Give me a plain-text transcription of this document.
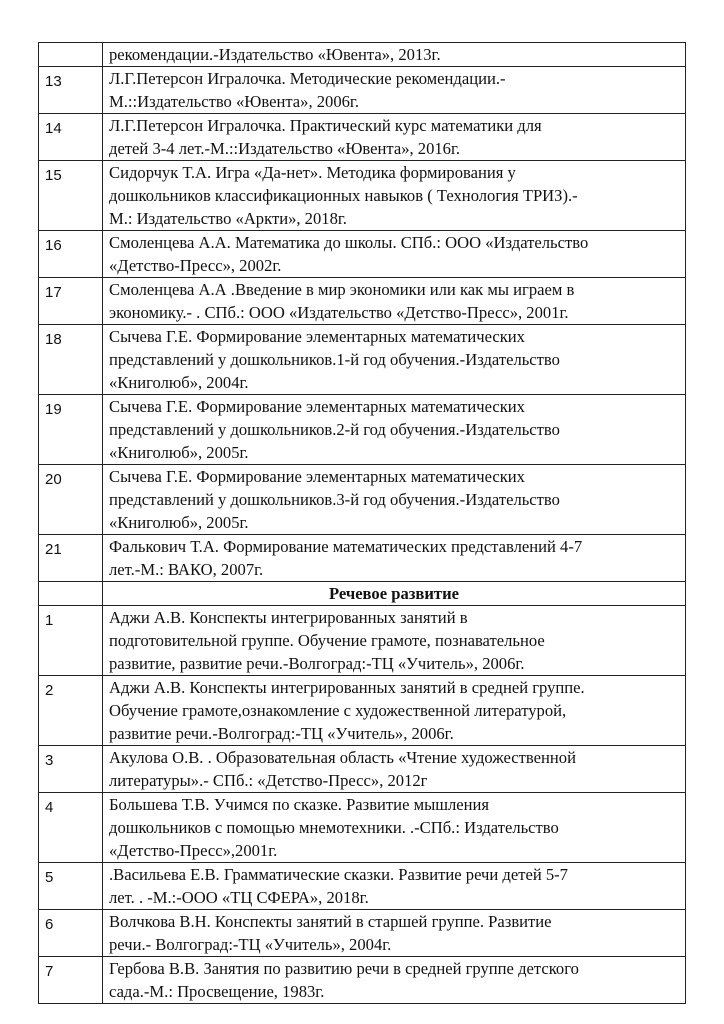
	рекомендации.-Издательство «Ювента», 2013г.
13	Л.Г.Петерсон Игралочка. Методические рекомендации.-
М.::Издательство «Ювента», 2006г.
14	Л.Г.Петерсон Игралочка. Практический курс математики для
детей 3-4 лет.-М.::Издательство «Ювента», 2016г.
15	Сидорчук Т.А. Игра «Да-нет». Методика формирования у
дошкольников классификационных навыков ( Технология ТРИЗ).-
М.: Издательство «Аркти», 2018г.
16	Смоленцева А.А. Математика до школы. СПб.: ООО «Издательство
«Детство-Пресс», 2002г.
17	Смоленцева А.А .Введение в мир экономики или как мы играем в
экономику.- . СПб.: ООО «Издательство «Детство-Пресс», 2001г.
18	Сычева Г.Е. Формирование элементарных математических
представлений у дошкольников.1-й год обучения.-Издательство
«Книголюб», 2004г.
19	Сычева Г.Е. Формирование элементарных математических
представлений у дошкольников.2-й год обучения.-Издательство
«Книголюб», 2005г.
20	Сычева Г.Е. Формирование элементарных математических
представлений у дошкольников.3-й год обучения.-Издательство
«Книголюб», 2005г.
21	Фалькович Т.А. Формирование математических представлений 4-7
лет.-М.: ВАКО, 2007г.
	Речевое развитие
1	Аджи А.В. Конспекты интегрированных занятий в
подготовительной группе. Обучение грамоте, познавательное
развитие, развитие речи.-Волгоград:-ТЦ «Учитель», 2006г.
2	Аджи А.В. Конспекты интегрированных занятий в средней группе.
Обучение грамоте,ознакомление с художественной литературой,
развитие речи.-Волгоград:-ТЦ «Учитель», 2006г.
3	Акулова О.В. . Образовательная область «Чтение художественной
литературы».- СПб.: «Детство-Пресс», 2012г
4	Большева Т.В. Учимся по сказке. Развитие мышления
дошкольников с помощью мнемотехники. .-СПб.: Издательство
«Детство-Пресс»,2001г.
5	.Васильева Е.В. Грамматические сказки. Развитие речи детей 5-7
лет. . -М.:-ООО «ТЦ СФЕРА», 2018г.
6	Волчкова В.Н. Конспекты занятий в старшей группе. Развитие
речи.- Волгоград:-ТЦ «Учитель», 2004г.
7	Гербова В.В. Занятия по развитию речи в средней группе детского
сада.-М.: Просвещение, 1983г.
